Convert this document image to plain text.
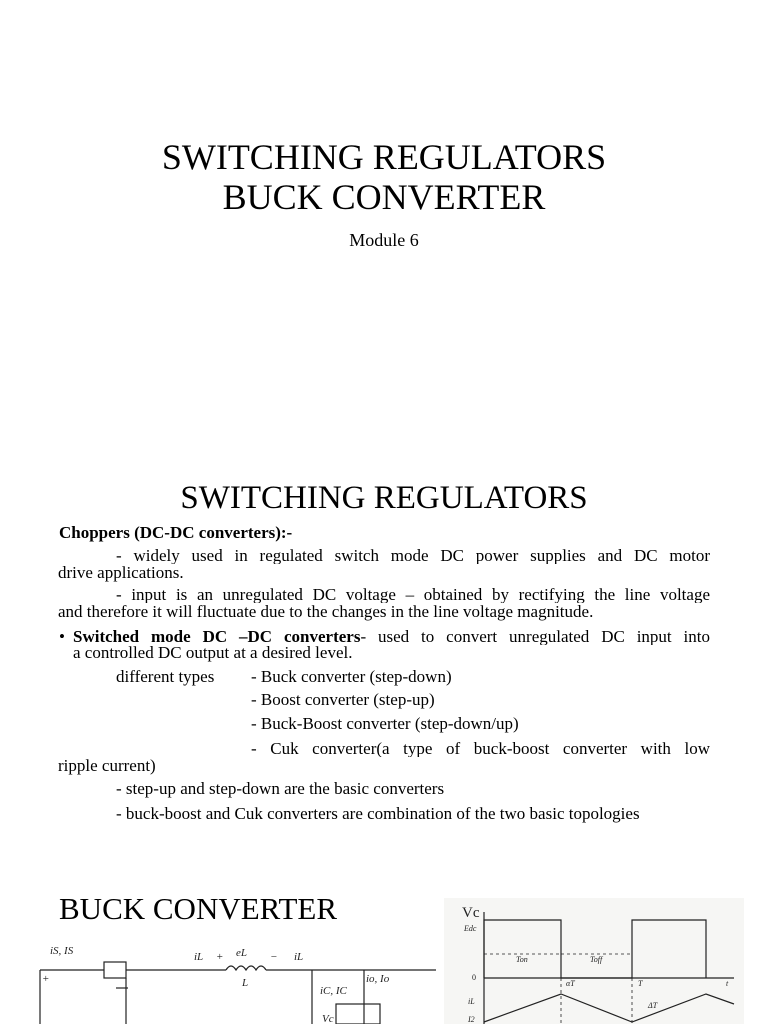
SWITCHING REGULATORS
BUCK CONVERTER
Module 6
SWITCHING REGULATORS
Choppers (DC-DC converters):-
- widely used in regulated switch mode DC power supplies and DC motor
drive applications.
- input is an unregulated DC voltage – obtained by rectifying the line voltage
and therefore it will fluctuate due to the changes in the line voltage magnitude.
• Switched mode DC –DC converters- used to convert unregulated DC input into
a controlled DC output at a desired level.
different types - Buck converter (step-down)
- Boost converter (step-up)
- Buck-Boost converter (step-down/up)
- Cuk converter(a type of buck-boost converter with low
ripple current)
- step-up and step-down are the basic converters
- buck-boost and Cuk converters are combination of the two basic topologies
BUCK CONVERTER
iS, IS
+
iL + eL
L
− iL
iC, IC
io, Io
Vc
Vc
Edc
Ton	Toff
0
αT	T	t
iL	ΔT
I2
